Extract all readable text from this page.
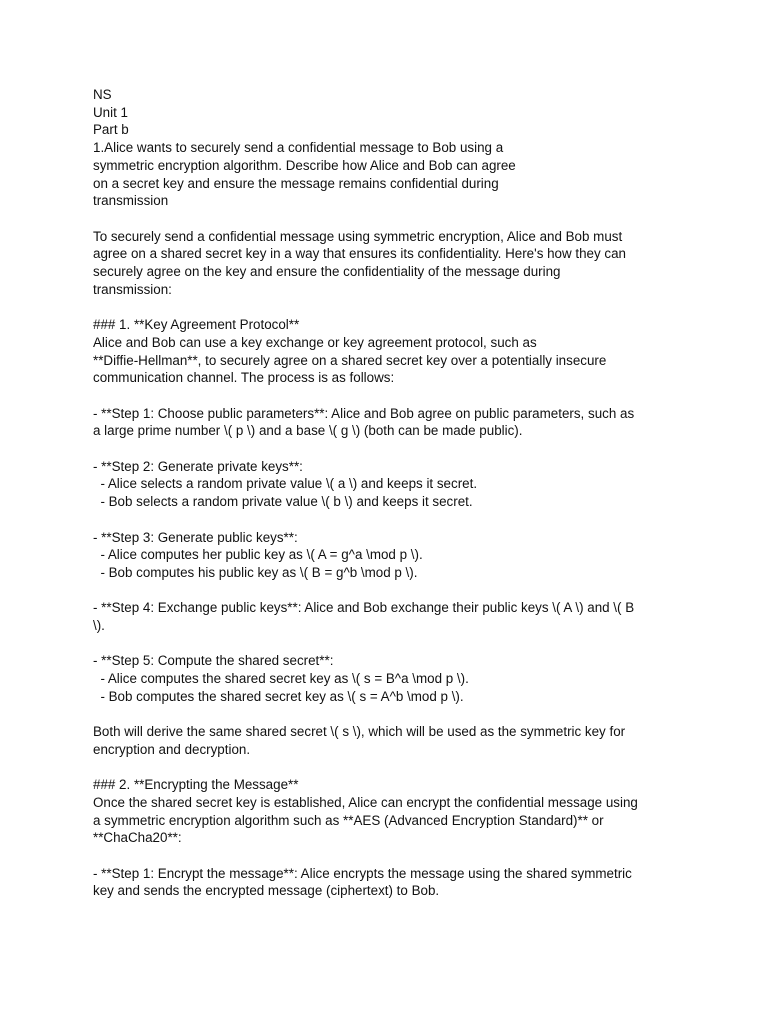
NS
Unit 1
Part b
1.Alice wants to securely send a confidential message to Bob using a
symmetric encryption algorithm. Describe how Alice and Bob can agree
on a secret key and ensure the message remains confidential during
transmission
To securely send a confidential message using symmetric encryption, Alice and Bob must
agree on a shared secret key in a way that ensures its confidentiality. Here's how they can
securely agree on the key and ensure the confidentiality of the message during
transmission:
### 1. **Key Agreement Protocol**
Alice and Bob can use a key exchange or key agreement protocol, such as
**Diffie-Hellman**, to securely agree on a shared secret key over a potentially insecure
communication channel. The process is as follows:
- **Step 1: Choose public parameters**: Alice and Bob agree on public parameters, such as
a large prime number \( p \) and a base \( g \) (both can be made public).
- **Step 2: Generate private keys**:
- Alice selects a random private value \( a \) and keeps it secret.
- Bob selects a random private value \( b \) and keeps it secret.
- **Step 3: Generate public keys**:
- Alice computes her public key as \( A = g^a \mod p \).
- Bob computes his public key as \( B = g^b \mod p \).
- **Step 4: Exchange public keys**: Alice and Bob exchange their public keys \( A \) and \( B
\).
- **Step 5: Compute the shared secret**:
- Alice computes the shared secret key as \( s = B^a \mod p \).
- Bob computes the shared secret key as \( s = A^b \mod p \).
Both will derive the same shared secret \( s \), which will be used as the symmetric key for
encryption and decryption.
### 2. **Encrypting the Message**
Once the shared secret key is established, Alice can encrypt the confidential message using
a symmetric encryption algorithm such as **AES (Advanced Encryption Standard)** or
**ChaCha20**:
- **Step 1: Encrypt the message**: Alice encrypts the message using the shared symmetric
key and sends the encrypted message (ciphertext) to Bob.
